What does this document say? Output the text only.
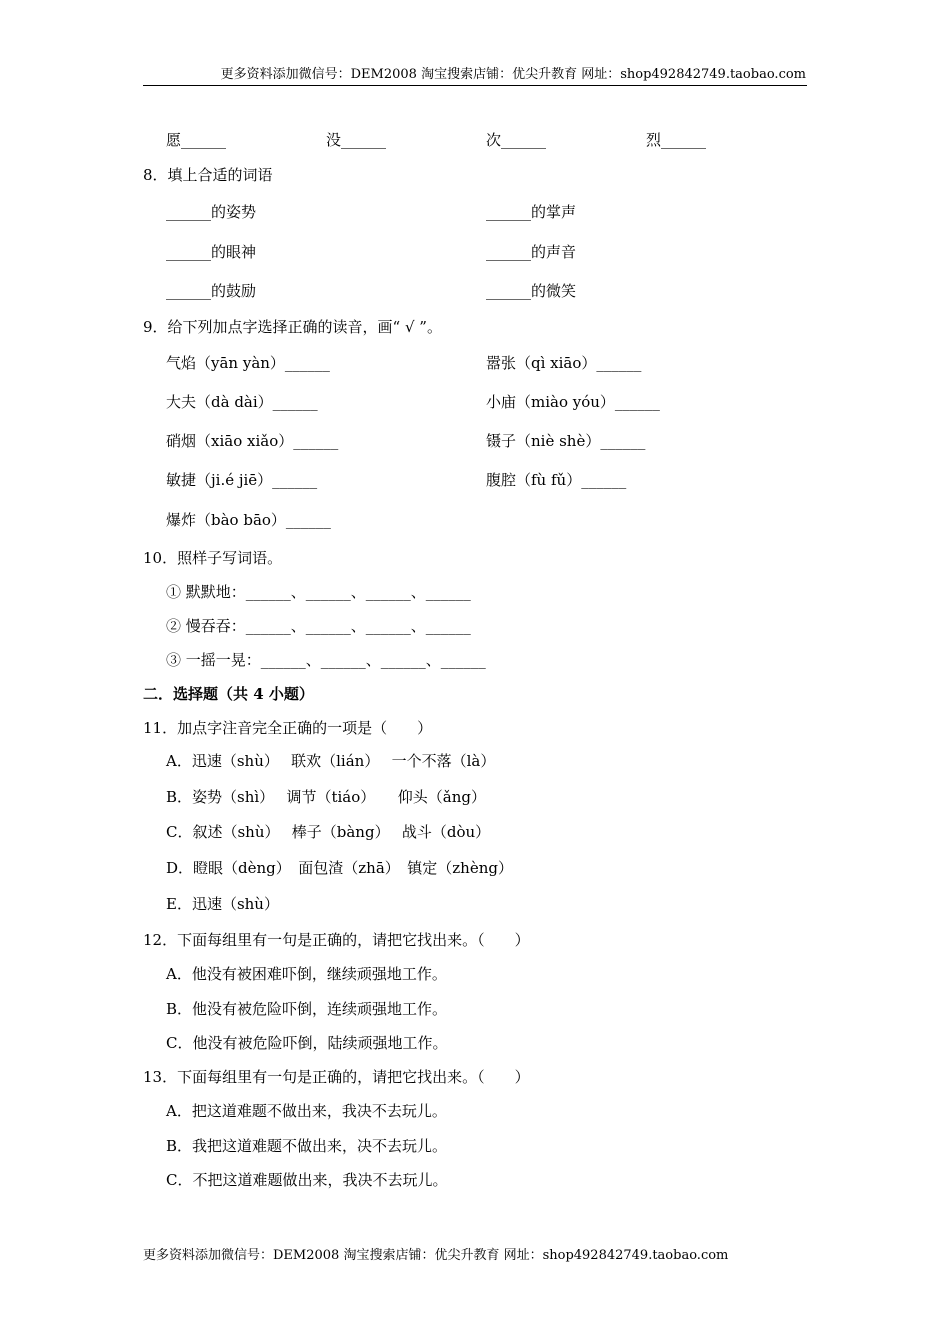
更多资料添加微信号：DEM2008 淘宝搜索店铺：优尖升教育 网址：shop492842749.taobao.com
愿______	没______	次______	烈______
8．填上合适的词语
______的姿势	______的掌声
______的眼神	______的声音
______的鼓励	______的微笑
9．给下列加点字选择正确的读音，画“ √ ”。
气焰（yān yàn）______	嚣张（qì xiāo）______
大夫（dà dài）______	小庙（miào yóu）______
硝烟（xiāo xiǎo）______	镊子（niè shè）______
敏捷（ji.é jiē）______	腹腔（fù fǔ）______
爆炸（bào bāo）______
10．照样子写词语。
① 默默地：______、______、______、______
② 慢吞吞：______、______、______、______
③ 一摇一晃：______、______、______、______
二．选择题（共 4 小题）
11．加点字注音完全正确的一项是（　　）
A．迅速（shù）　 联欢（lián）　 一个不落（là）
B．姿势（shì）　 调节（tiáo）　　仰头（ǎng）
C．叙述（shù）　 棒子（bàng）　 战斗（dòu）
D．瞪眼（dèng）　面包渣（zhā）　镇定（zhèng）
E．迅速（shù）
12．下面每组里有一句是正确的，请把它找出来。（　　）
A．他没有被困难吓倒，继续顽强地工作。
B．他没有被危险吓倒，连续顽强地工作。
C．他没有被危险吓倒，陆续顽强地工作。
13．下面每组里有一句是正确的，请把它找出来。（　　）
A．把这道难题不做出来，我决不去玩儿。
B．我把这道难题不做出来，决不去玩儿。
C．不把这道难题做出来，我决不去玩儿。
更多资料添加微信号：DEM2008 淘宝搜索店铺：优尖升教育 网址：shop492842749.taobao.com
